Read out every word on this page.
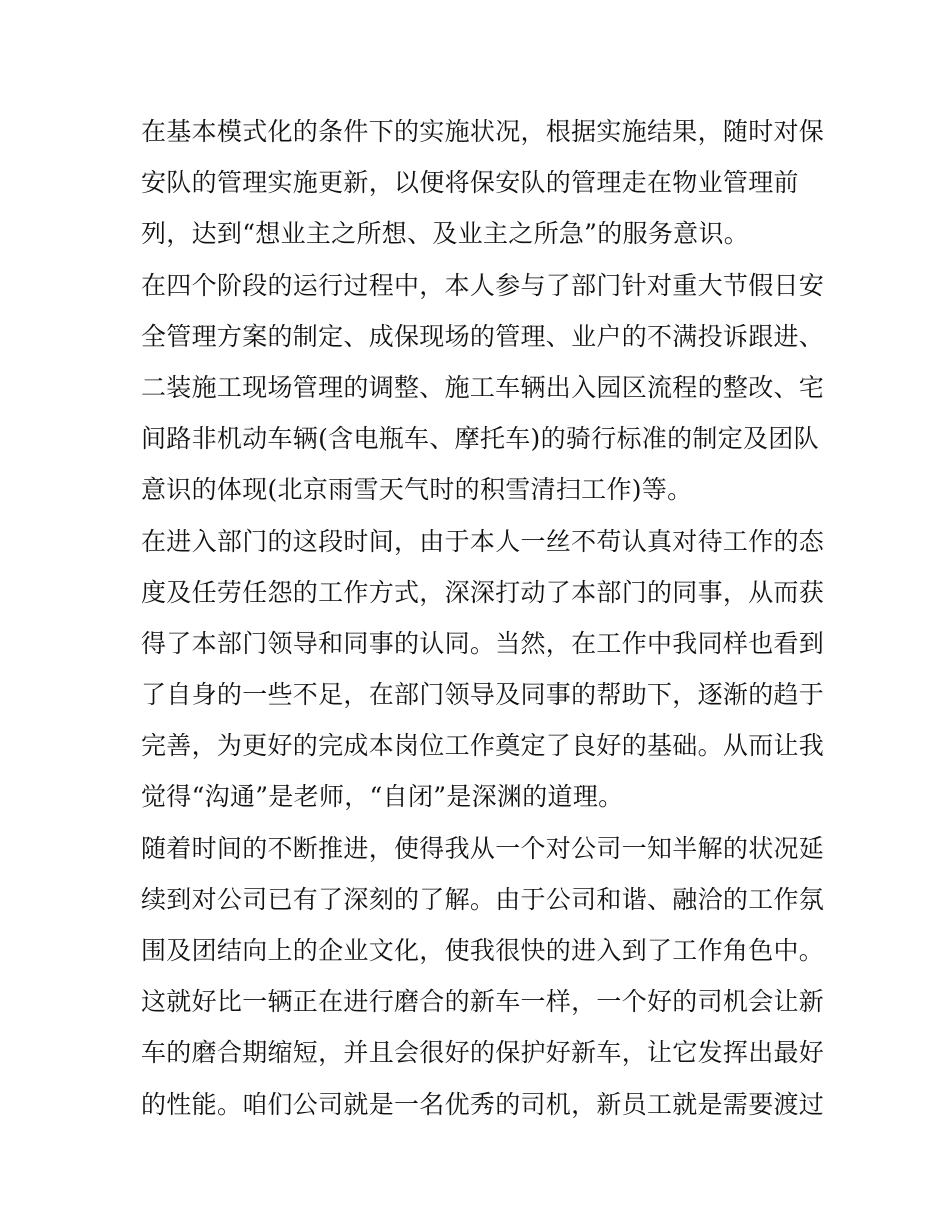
在基本模式化的条件下的实施状况，根据实施结果，随时对保
安队的管理实施更新，以便将保安队的管理走在物业管理前
列，达到“想业主之所想、及业主之所急”的服务意识。
在四个阶段的运行过程中，本人参与了部门针对重大节假日安
全管理方案的制定、成保现场的管理、业户的不满投诉跟进、
二装施工现场管理的调整、施工车辆出入园区流程的整改、宅
间路非机动车辆(含电瓶车、摩托车)的骑行标准的制定及团队
意识的体现(北京雨雪天气时的积雪清扫工作)等。
在进入部门的这段时间，由于本人一丝不苟认真对待工作的态
度及任劳任怨的工作方式，深深打动了本部门的同事，从而获
得了本部门领导和同事的认同。当然，在工作中我同样也看到
了自身的一些不足，在部门领导及同事的帮助下，逐渐的趋于
完善，为更好的完成本岗位工作奠定了良好的基础。从而让我
觉得“沟通”是老师，“自闭”是深渊的道理。
随着时间的不断推进，使得我从一个对公司一知半解的状况延
续到对公司已有了深刻的了解。由于公司和谐、融洽的工作氛
围及团结向上的企业文化，使我很快的进入到了工作角色中。
这就好比一辆正在进行磨合的新车一样，一个好的司机会让新
车的磨合期缩短，并且会很好的保护好新车，让它发挥出最好
的性能。咱们公司就是一名优秀的司机，新员工就是需要渡过
